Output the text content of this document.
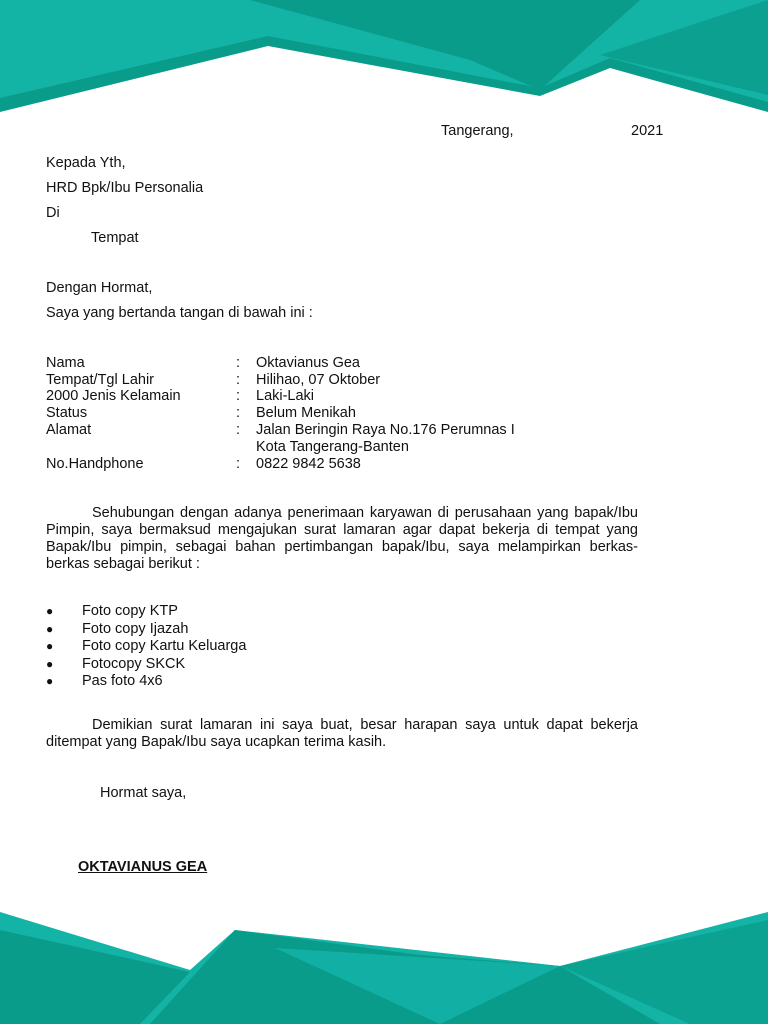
Tangerang,	2021

Kepada Yth,

HRD Bpk/Ibu Personalia

Di

Tempat

Dengan Hormat,

Saya yang bertanda tangan di bawah ini :

Nama	: Oktavianus Gea

Tempat/Tgl Lahir	: Hilihao, 07 Oktober

2000 Jenis Kelamain	: Laki-Laki

Status	: Belum Menikah

Alamat	: Jalan Beringin Raya No.176 Perumnas I

Kota Tangerang-Banten

No.Handphone	: 0822 9842 5638

Sehubungan dengan adanya penerimaan karyawan di perusahaan yang bapak/Ibu Pimpin, saya bermaksud mengajukan surat lamaran agar dapat bekerja di tempat yang Bapak/Ibu pimpin, sebagai bahan pertimbangan bapak/Ibu, saya melampirkan berkas-berkas sebagai berikut :

● Foto copy KTP
● Foto copy Ijazah
● Foto copy Kartu Keluarga
● Fotocopy SKCK
● Pas foto 4x6

Demikian surat lamaran ini saya buat, besar harapan saya untuk dapat bekerja ditempat yang Bapak/Ibu saya ucapkan terima kasih.

Hormat saya,

OKTAVIANUS GEA
